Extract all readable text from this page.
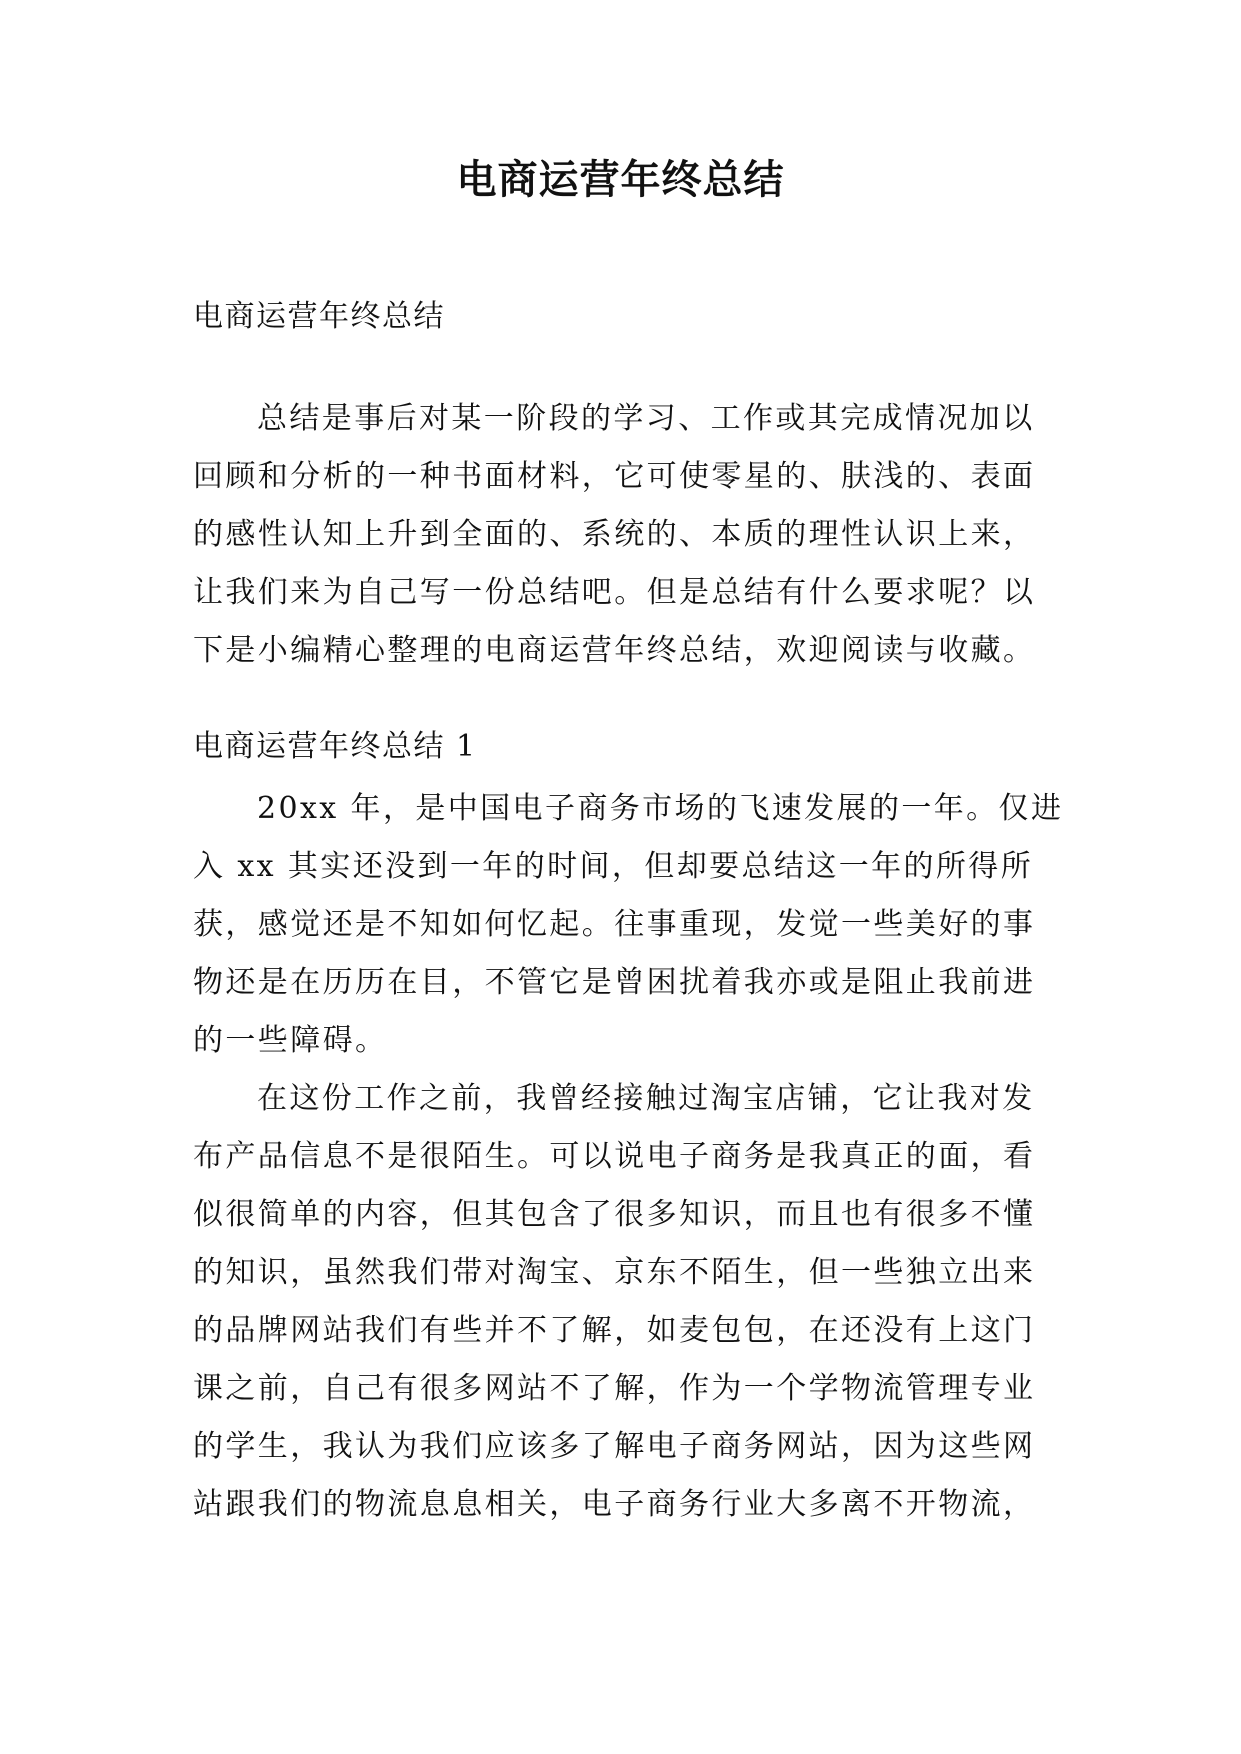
电商运营年终总结
电商运营年终总结
总结是事后对某一阶段的学习、工作或其完成情况加以
回顾和分析的一种书面材料，它可使零星的、肤浅的、表面
的感性认知上升到全面的、系统的、本质的理性认识上来，
让我们来为自己写一份总结吧。但是总结有什么要求呢？以
下是小编精心整理的电商运营年终总结，欢迎阅读与收藏。
电商运营年终总结 1
20xx 年，是中国电子商务市场的飞速发展的一年。仅进
入 xx 其实还没到一年的时间，但却要总结这一年的所得所
获，感觉还是不知如何忆起。往事重现，发觉一些美好的事
物还是在历历在目，不管它是曾困扰着我亦或是阻止我前进
的一些障碍。
在这份工作之前，我曾经接触过淘宝店铺，它让我对发
布产品信息不是很陌生。可以说电子商务是我真正的面，看
似很简单的内容，但其包含了很多知识，而且也有很多不懂
的知识，虽然我们带对淘宝、京东不陌生，但一些独立出来
的品牌网站我们有些并不了解，如麦包包，在还没有上这门
课之前，自己有很多网站不了解，作为一个学物流管理专业
的学生，我认为我们应该多了解电子商务网站，因为这些网
站跟我们的物流息息相关，电子商务行业大多离不开物流，
